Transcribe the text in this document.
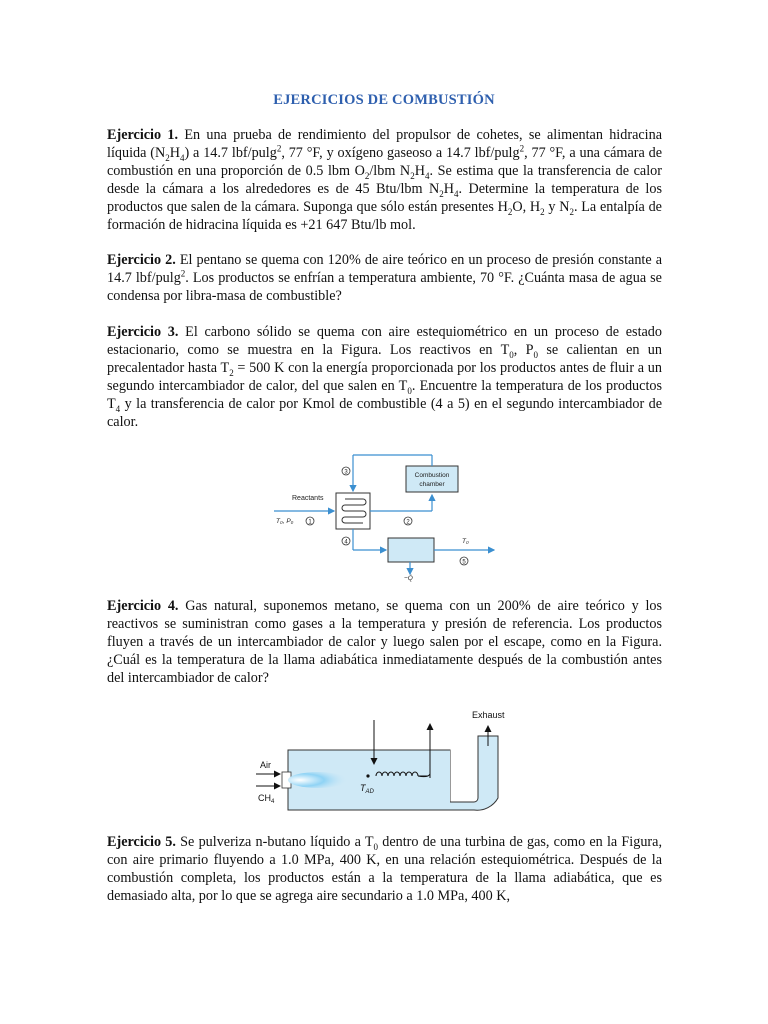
EJERCICIOS DE COMBUSTIÓN

Ejercicio 1. En una prueba de rendimiento del propulsor de cohetes, se alimentan hidracina líquida $(N_2H_4)$ a 14.7 lbf/pulg$^2$, 77 °F, y oxígeno gaseoso a 14.7 lbf/pulg$^2$, 77 °F, a una cámara de combustión en una proporción de 0.5 lbm $O_2$/lbm $N_2H_4$. Se estima que la transferencia de calor desde la cámara a los alrededores es de 45 Btu/lbm $N_2H_4$. Determine la temperatura de los productos que salen de la cámara. Suponga que sólo están presentes $H_2O$, $H_2$ y $N_2$. La entalpía de formación de hidracina líquida es +21 647 Btu/lb mol.

Ejercicio 2. El pentano se quema con 120% de aire teórico en un proceso de presión constante a 14.7 lbf/pulg$^2$. Los productos se enfrían a temperatura ambiente, 70 °F. ¿Cuánta masa de agua se condensa por libra-masa de combustible?

Ejercicio 3. El carbono sólido se quema con aire estequiométrico en un proceso de estado estacionario, como se muestra en la Figura. Los reactivos en $T_0$, $P_0$ se calientan en un precalentador hasta $T_2 = 500$ K con la energía proporcionada por los productos antes de fluir a un segundo intercambiador de calor, del que salen en $T_0$. Encuentre la temperatura de los productos $T_4$ y la transferencia de calor por Kmol de combustible (4 a 5) en el segundo intercambiador de calor.

Combustion
chamber
Reactants
T₀, P₀
T₀
−Q̇
1	2
3
4
5

Ejercicio 4. Gas natural, suponemos metano, se quema con un 200% de aire teórico y los reactivos se suministran como gases a la temperatura y presión de referencia. Los productos fluyen a través de un intercambiador de calor y luego salen por el escape, como en la Figura. ¿Cuál es la temperatura de la llama adiabática inmediatamente después de la combustión antes del intercambiador de calor?

Air
$CH_4$
$T_{AD}$
Exhaust

Ejercicio 5. Se pulveriza n-butano líquido a $T_0$ dentro de una turbina de gas, como en la Figura, con aire primario fluyendo a 1.0 MPa, 400 K, en una relación estequiométrica. Después de la combustión completa, los productos están a la temperatura de la llama adiabática, que es demasiado alta, por lo que se agrega aire secundario a 1.0 MPa, 400 K,
